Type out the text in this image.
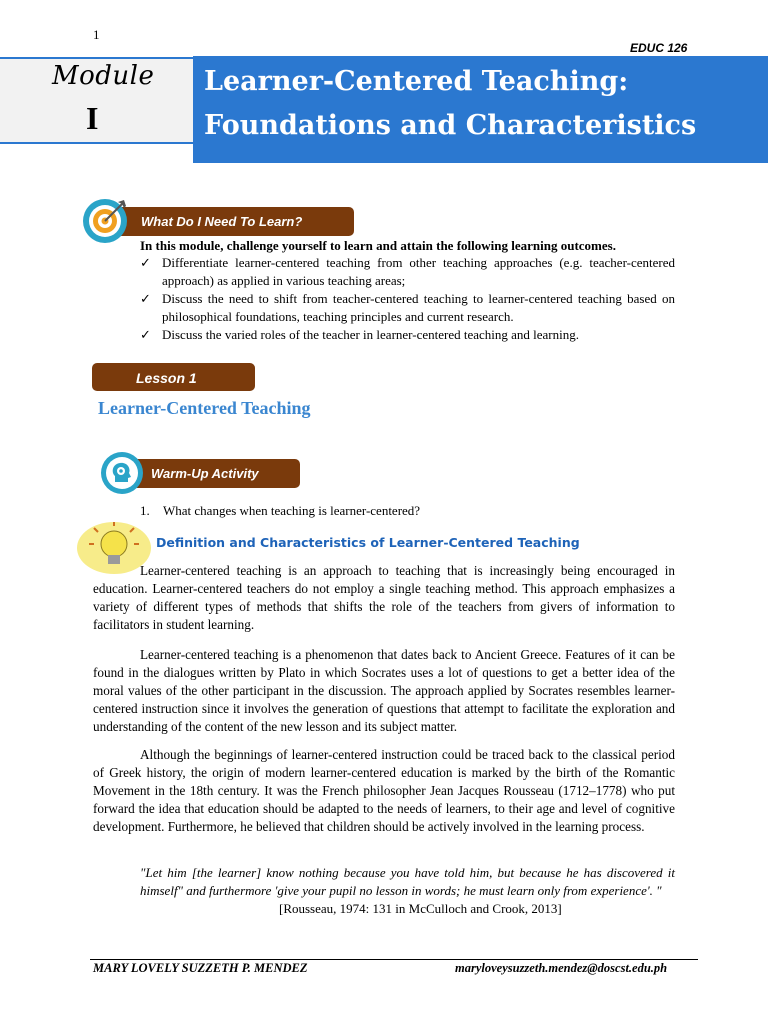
1
EDUC 126
Module
I
Learner-Centered Teaching:
Foundations and Characteristics
What Do I Need To Learn?
In this module, challenge yourself to learn and attain the following learning outcomes.
✓ Differentiate learner-centered teaching from other teaching approaches (e.g. teacher-centered approach) as applied in various teaching areas;
✓ Discuss the need to shift from teacher-centered teaching to learner-centered teaching based on philosophical foundations, teaching principles and current research.
✓ Discuss the varied roles of the teacher in learner-centered teaching and learning.
Lesson 1
Learner-Centered Teaching
Warm-Up Activity
1. What changes when teaching is learner-centered?
Definition and Characteristics of Learner-Centered Teaching
Learner-centered teaching is an approach to teaching that is increasingly being encouraged in education. Learner-centered teachers do not employ a single teaching method. This approach emphasizes a variety of different types of methods that shifts the role of the teachers from givers of information to facilitators in student learning.
Learner-centered teaching is a phenomenon that dates back to Ancient Greece. Features of it can be found in the dialogues written by Plato in which Socrates uses a lot of questions to get a better idea of the moral values of the other participant in the discussion. The approach applied by Socrates resembles learner-centered instruction since it involves the generation of questions that attempt to facilitate the exploration and understanding of the content of the new lesson and its subject matter.
Although the beginnings of learner-centered instruction could be traced back to the classical period of Greek history, the origin of modern learner-centered education is marked by the birth of the Romantic Movement in the 18th century. It was the French philosopher Jean Jacques Rousseau (1712–1778) who put forward the idea that education should be adapted to the needs of learners, to their age and level of cognitive development. Furthermore, he believed that children should be actively involved in the learning process.
"Let him [the learner] know nothing because you have told him, but because he has discovered it himself" and furthermore 'give your pupil no lesson in words; he must learn only from experience'. "
[Rousseau, 1974: 131 in McCulloch and Crook, 2013]
MARY LOVELY SUZZETH P. MENDEZ	maryloveysuzzeth.mendez@doscst.edu.ph
